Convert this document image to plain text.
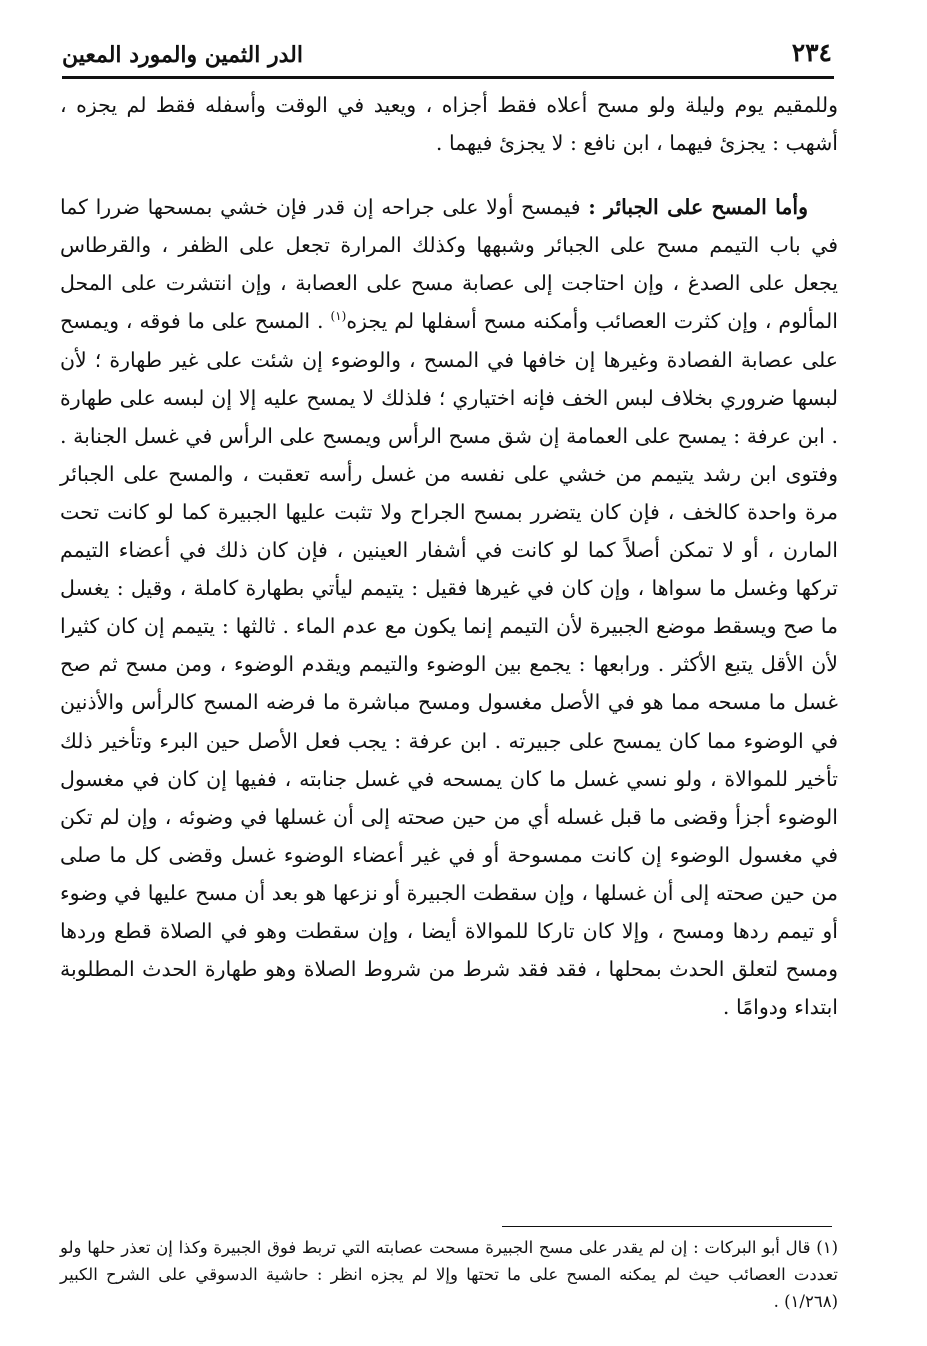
٢٣٤
الدر الثمين والمورد المعين

وللمقيم يوم وليلة ولو مسح أعلاه فقط أجزاه ، ويعيد في الوقت وأسفله فقط لم يجزه ، أشهب : يجزئ فيهما ، ابن نافع : لا يجزئ فيهما .

وأما المسح على الجبائر : فيمسح أولا على جراحه إن قدر فإن خشي بمسحها ضررا كما في باب التيمم مسح على الجبائر وشبهها وكذلك المرارة تجعل على الظفر ، والقرطاس يجعل على الصدغ ، وإن احتاجت إلى عصابة مسح على العصابة ، وإن انتشرت على المحل المألوم ، وإن كثرت العصائب وأمكنه مسح أسفلها لم يجزه$^{(١)}$ . المسح على ما فوقه ، ويمسح على عصابة الفصادة وغيرها إن خافها في المسح ، والوضوء إن شئت على غير طهارة ؛ لأن لبسها ضروري بخلاف لبس الخف فإنه اختياري ؛ فلذلك لا يمسح عليه إلا إن لبسه على طهارة . ابن عرفة : يمسح على العمامة إن شق مسح الرأس ويمسح على الرأس في غسل الجنابة . وفتوى ابن رشد يتيمم من خشي على نفسه من غسل رأسه تعقبت ، والمسح على الجبائر مرة واحدة كالخف ، فإن كان يتضرر بمسح الجراح ولا تثبت عليها الجبيرة كما لو كانت تحت المارن ، أو لا تمكن أصلاً كما لو كانت في أشفار العينين ، فإن كان ذلك في أعضاء التيمم تركها وغسل ما سواها ، وإن كان في غيرها فقيل : يتيمم ليأتي بطهارة كاملة ، وقيل : يغسل ما صح ويسقط موضع الجبيرة لأن التيمم إنما يكون مع عدم الماء . ثالثها : يتيمم إن كان كثيرا لأن الأقل يتبع الأكثر . ورابعها : يجمع بين الوضوء والتيمم ويقدم الوضوء ، ومن مسح ثم صح غسل ما مسحه مما هو في الأصل مغسول ومسح مباشرة ما فرضه المسح كالرأس والأذنين في الوضوء مما كان يمسح على جبيرته . ابن عرفة : يجب فعل الأصل حين البرء وتأخير ذلك تأخير للموالاة ، ولو نسي غسل ما كان يمسحه في غسل جنابته ، ففيها إن كان في مغسول الوضوء أجزأ وقضى ما قبل غسله أي من حين صحته إلى أن غسلها في وضوئه ، وإن لم تكن في مغسول الوضوء إن كانت ممسوحة أو في غير أعضاء الوضوء غسل وقضى كل ما صلى من حين صحته إلى أن غسلها ، وإن سقطت الجبيرة أو نزعها هو بعد أن مسح عليها في وضوء أو تيمم ردها ومسح ، وإلا كان تاركا للموالاة أيضا ، وإن سقطت وهو في الصلاة قطع وردها ومسح لتعلق الحدث بمحلها ، فقد فقد شرط من شروط الصلاة وهو طهارة الحدث المطلوبة ابتداء ودوامًا .

(١) قال أبو البركات : إن لم يقدر على مسح الجبيرة مسحت عصابته التي تربط فوق الجبيرة وكذا إن تعذر حلها ولو تعددت العصائب حيث لم يمكنه المسح على ما تحتها وإلا لم يجزه انظر : حاشية الدسوقي على الشرح الكبير (١/٢٦٨) .
